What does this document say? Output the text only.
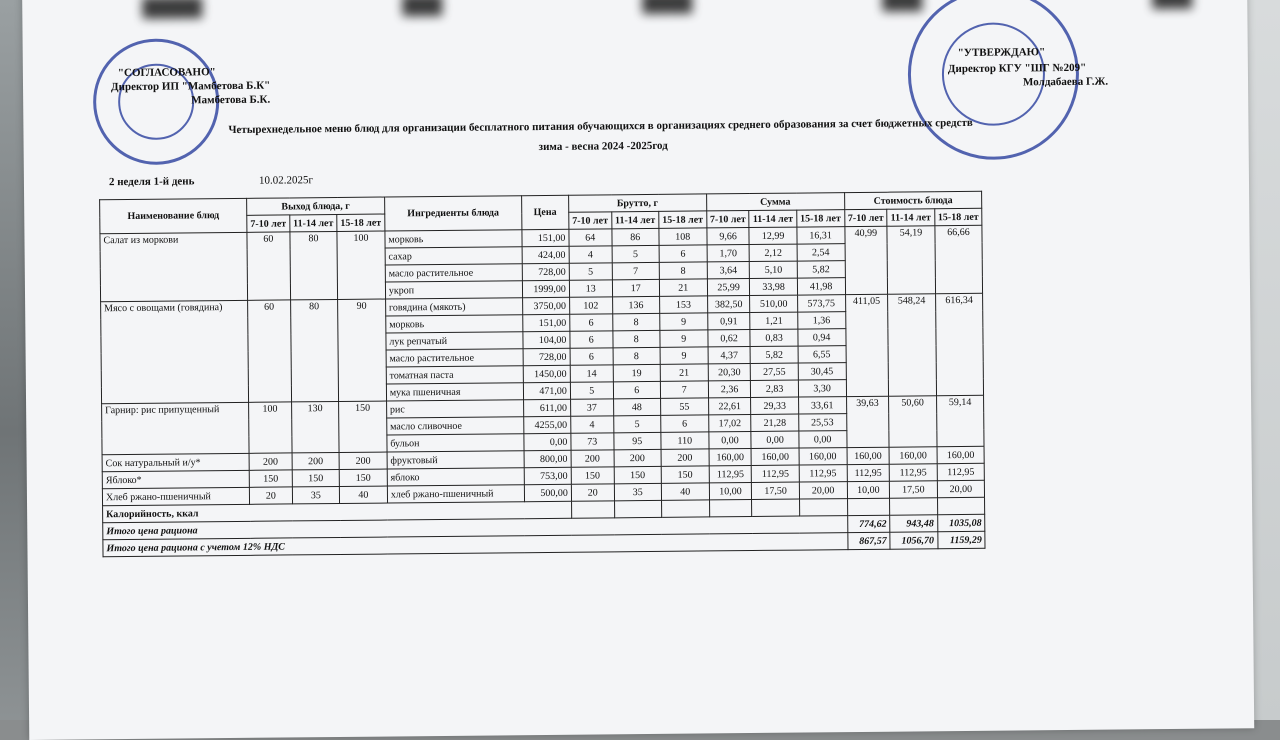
"СОГЛАСОВАНО"
Директор ИП "Мамбетова Б.К"
Мамбетова Б.К.
"УТВЕРЖДАЮ"
Директор КГУ "ШГ №209"
Молдабаева Г.Ж.
Четырехнедельное меню блюд для организации бесплатного питания обучающихся в организациях среднего образования за счет бюджетных средств
зима - весна 2024 -2025год
2 неделя 1-й день	10.02.2025г
Наименование блюд	Выход блюда, г			Ингредиенты блюда	Цена	Брутто, г			Сумма			Стоимость блюда		
	7-10 лет	11-14 лет	15-18 лет			7-10 лет	11-14 лет	15-18 лет	7-10 лет	11-14 лет	15-18 лет	7-10 лет	11-14 лет	15-18 лет
Салат из моркови	60	80	100	морковь	151,00	64	86	108	9,66	12,99	16,31	40,99	54,19	66,66
				сахар	424,00	4	5	6	1,70	2,12	2,54			
				масло растительное	728,00	5	7	8	3,64	5,10	5,82			
				укроп	1999,00	13	17	21	25,99	33,98	41,98			
Мясо с овощами (говядина)	60	80	90	говядина (мякоть)	3750,00	102	136	153	382,50	510,00	573,75	411,05	548,24	616,34
				морковь	151,00	6	8	9	0,91	1,21	1,36			
				лук репчатый	104,00	6	8	9	0,62	0,83	0,94			
				масло растительное	728,00	6	8	9	4,37	5,82	6,55			
				томатная паста	1450,00	14	19	21	20,30	27,55	30,45			
				мука пшеничная	471,00	5	6	7	2,36	2,83	3,30			
Гарнир: рис припущенный	100	130	150	рис	611,00	37	48	55	22,61	29,33	33,61	39,63	50,60	59,14
				масло сливочное	4255,00	4	5	6	17,02	21,28	25,53			
				бульон	0,00	73	95	110	0,00	0,00	0,00			
Сок натуральный и/у*	200	200	200	фруктовый	800,00	200	200	200	160,00	160,00	160,00	160,00	160,00	160,00
Яблоко*	150	150	150	яблоко	753,00	150	150	150	112,95	112,95	112,95	112,95	112,95	112,95
Хлеб ржано-пшеничный	20	35	40	хлеб ржано-пшеничный	500,00	20	35	40	10,00	17,50	20,00	10,00	17,50	20,00
Калорийность, ккал														
Итого цена рациона												774,62	943,48	1035,08
Итого цена рациона с учетом 12% НДС												867,57	1056,70	1159,29
